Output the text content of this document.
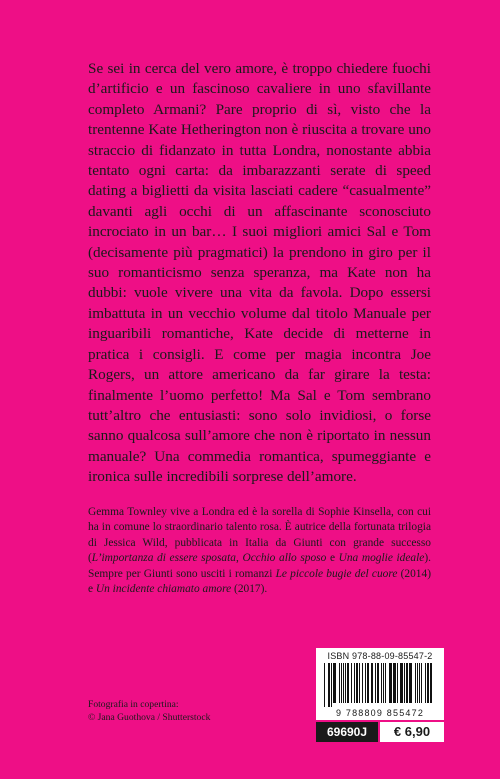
Se sei in cerca del vero amore, è troppo chiedere fuochi d’artificio e un fascinoso cavaliere in uno sfavillante completo Armani? Pare proprio di sì, visto che la trentenne Kate Hetherington non è riuscita a trovare uno straccio di fidanzato in tutta Londra, nonostante abbia tentato ogni carta: da imbarazzanti serate di speed dating a biglietti da visita lasciati cadere “casualmente” davanti agli occhi di un affascinante sconosciuto incrociato in un bar… I suoi migliori amici Sal e Tom (decisamente più pragmatici) la prendono in giro per il suo romanticismo senza speranza, ma Kate non ha dubbi: vuole vivere una vita da favola. Dopo essersi imbattuta in un vecchio volume dal titolo Manuale per inguaribili romantiche, Kate decide di metterne in pratica i consigli. E come per magia incontra Joe Rogers, un attore americano da far girare la testa: finalmente l’uomo perfetto! Ma Sal e Tom sembrano tutt’altro che entusiasti: sono solo invidiosi, o forse sanno qualcosa sull’amore che non è riportato in nessun manuale? Una commedia romantica, spumeggiante e ironica sulle incredibili sorprese dell’amore.

Gemma Townley vive a Londra ed è la sorella di Sophie Kinsella, con cui ha in comune lo straordinario talento rosa. È autrice della fortunata trilogia di Jessica Wild, pubblicata in Italia da Giunti con grande successo (L’importanza di essere sposata, Occhio allo sposo e Una moglie ideale). Sempre per Giunti sono usciti i romanzi Le piccole bugie del cuore (2014) e Un incidente chiamato amore (2017).

Fotografia in copertina:
© Jana Guothova / Shutterstock
ISBN 978-88-09-85547-2
9 788809 855472
69690J	€ 6,90
